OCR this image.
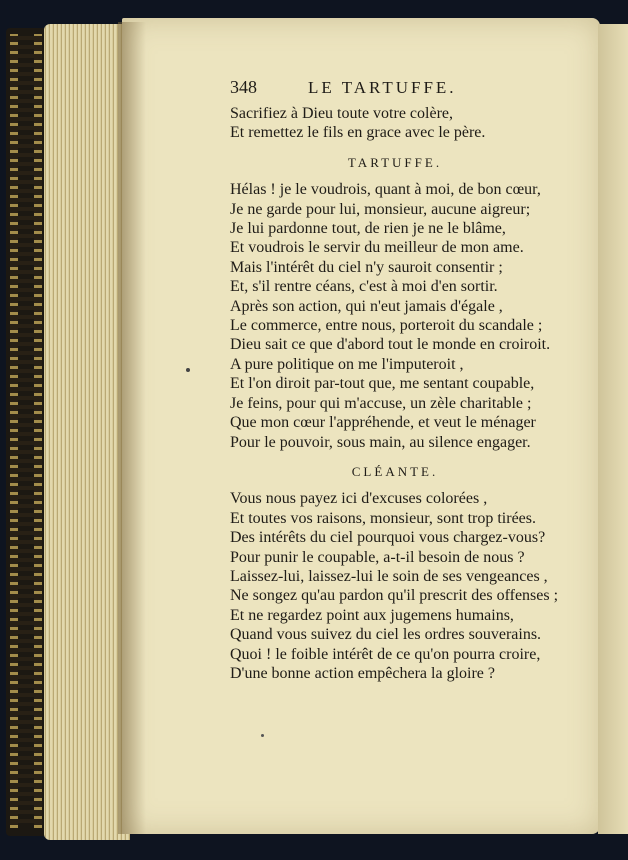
348	LE TARTUFFE.
Sacrifiez à Dieu toute votre colère,
Et remettez le fils en grace avec le père.
TARTUFFE.
Hélas ! je le voudrois, quant à moi, de bon cœur,
Je ne garde pour lui, monsieur, aucune aigreur;
Je lui pardonne tout, de rien je ne le blâme,
Et voudrois le servir du meilleur de mon ame.
Mais l'intérêt du ciel n'y sauroit consentir ;
Et, s'il rentre céans, c'est à moi d'en sortir.
Après son action, qui n'eut jamais d'égale ,
Le commerce, entre nous, porteroit du scandale ;
Dieu sait ce que d'abord tout le monde en croiroit.
A pure politique on me l'imputeroit ,
Et l'on diroit par-tout que, me sentant coupable,
Je feins, pour qui m'accuse, un zèle charitable ;
Que mon cœur l'appréhende, et veut le ménager
Pour le pouvoir, sous main, au silence engager.
CLÉANTE.
Vous nous payez ici d'excuses colorées ,
Et toutes vos raisons, monsieur, sont trop tirées.
Des intérêts du ciel pourquoi vous chargez-vous?
Pour punir le coupable, a-t-il besoin de nous ?
Laissez-lui, laissez-lui le soin de ses vengeances ,
Ne songez qu'au pardon qu'il prescrit des offenses ;
Et ne regardez point aux jugemens humains,
Quand vous suivez du ciel les ordres souverains.
Quoi ! le foible intérêt de ce qu'on pourra croire,
D'une bonne action empêchera la gloire ?
